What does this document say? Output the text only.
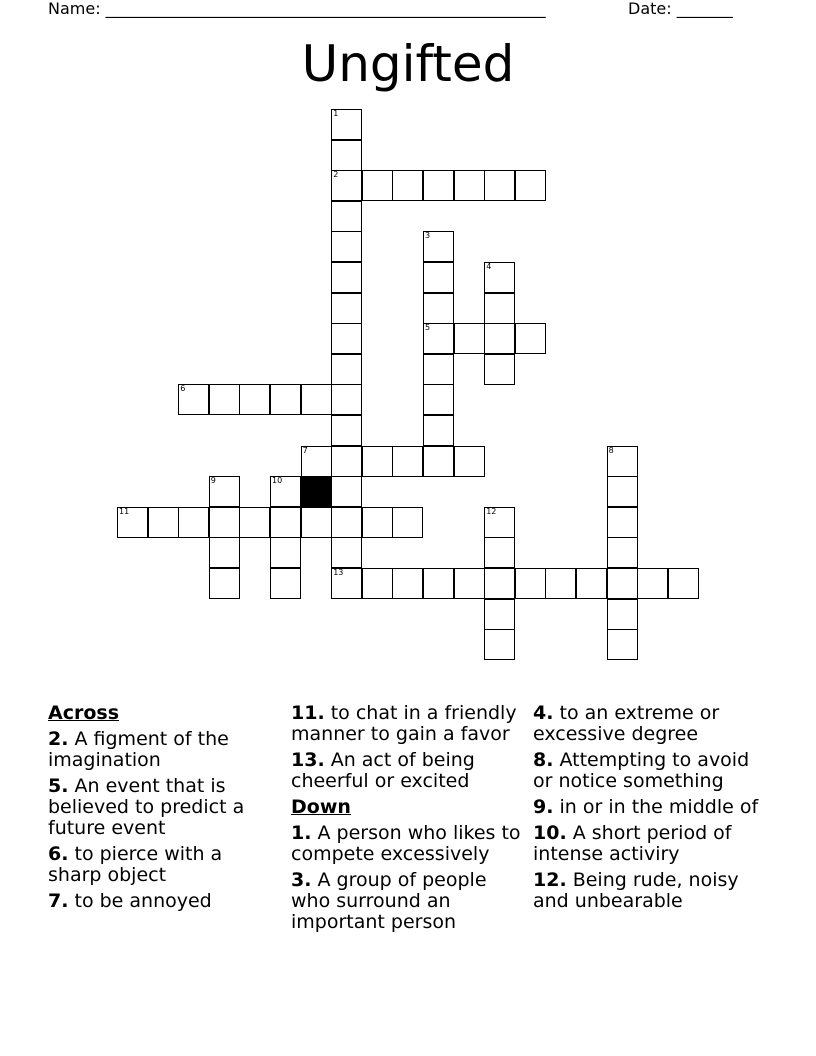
Name: _______________________________________________________	Date: _______
Ungifted
1
2
3
4
5
6
7	8
9	10
11	12
13
Across
2. A figment of the imagination
5. An event that is believed to predict a future event
6. to pierce with a sharp object
7. to be annoyed
11. to chat in a friendly manner to gain a favor
13. An act of being cheerful or excited
Down
1. A person who likes to compete excessively
3. A group of people who surround an important person
4. to an extreme or excessive degree
8. Attempting to avoid or notice something
9. in or in the middle of
10. A short period of intense activiry
12. Being rude, noisy and unbearable
